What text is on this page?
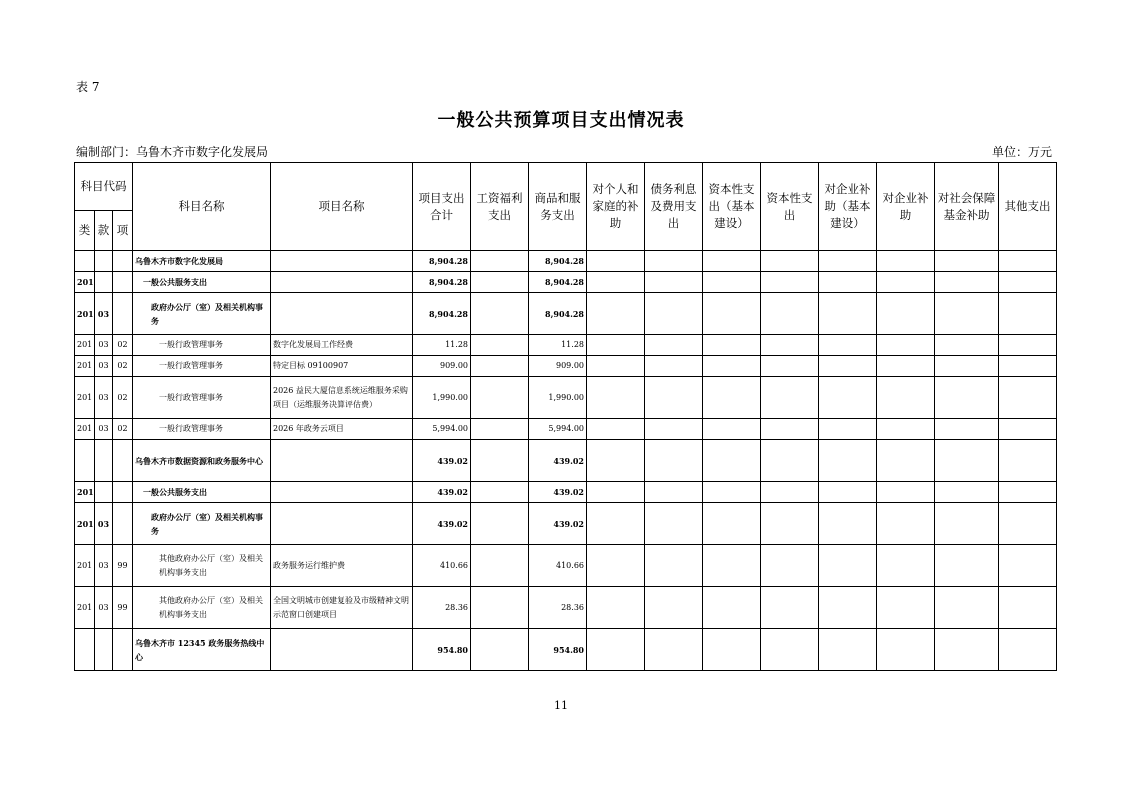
表 7
一般公共预算项目支出情况表
编制部门：乌鲁木齐市数字化发展局	单位：万元
科目代码			科目名称	项目名称	项目支出合计	工资福利支出	商品和服务支出	对个人和家庭的补助	债务利息及费用支出	资本性支出（基本建设）	资本性支出	对企业补助（基本建设）	对企业补助	对社会保障基金补助	其他支出
类	款	项													
			乌鲁木齐市数字化发展局		8,904.28		8,904.28								
201			一般公共服务支出		8,904.28		8,904.28								
201	03		政府办公厅（室）及相关机构事务		8,904.28		8,904.28								
201	03	02	一般行政管理事务	数字化发展局工作经费	11.28		11.28								
201	03	02	一般行政管理事务	特定目标 09100907	909.00		909.00								
201	03	02	一般行政管理事务	2026 益民大厦信息系统运维服务采购项目（运维服务决算评估费）	1,990.00		1,990.00								
201	03	02	一般行政管理事务	2026 年政务云项目	5,994.00		5,994.00								
			乌鲁木齐市数据资源和政务服务中心		439.02		439.02								
201			一般公共服务支出		439.02		439.02								
201	03		政府办公厅（室）及相关机构事务		439.02		439.02								
201	03	99	其他政府办公厅（室）及相关机构事务支出	政务服务运行维护费	410.66		410.66								
201	03	99	其他政府办公厅（室）及相关机构事务支出	全国文明城市创建复验及市级精神文明示范窗口创建项目	28.36		28.36								
			乌鲁木齐市 12345 政务服务热线中心		954.80		954.80								
11
